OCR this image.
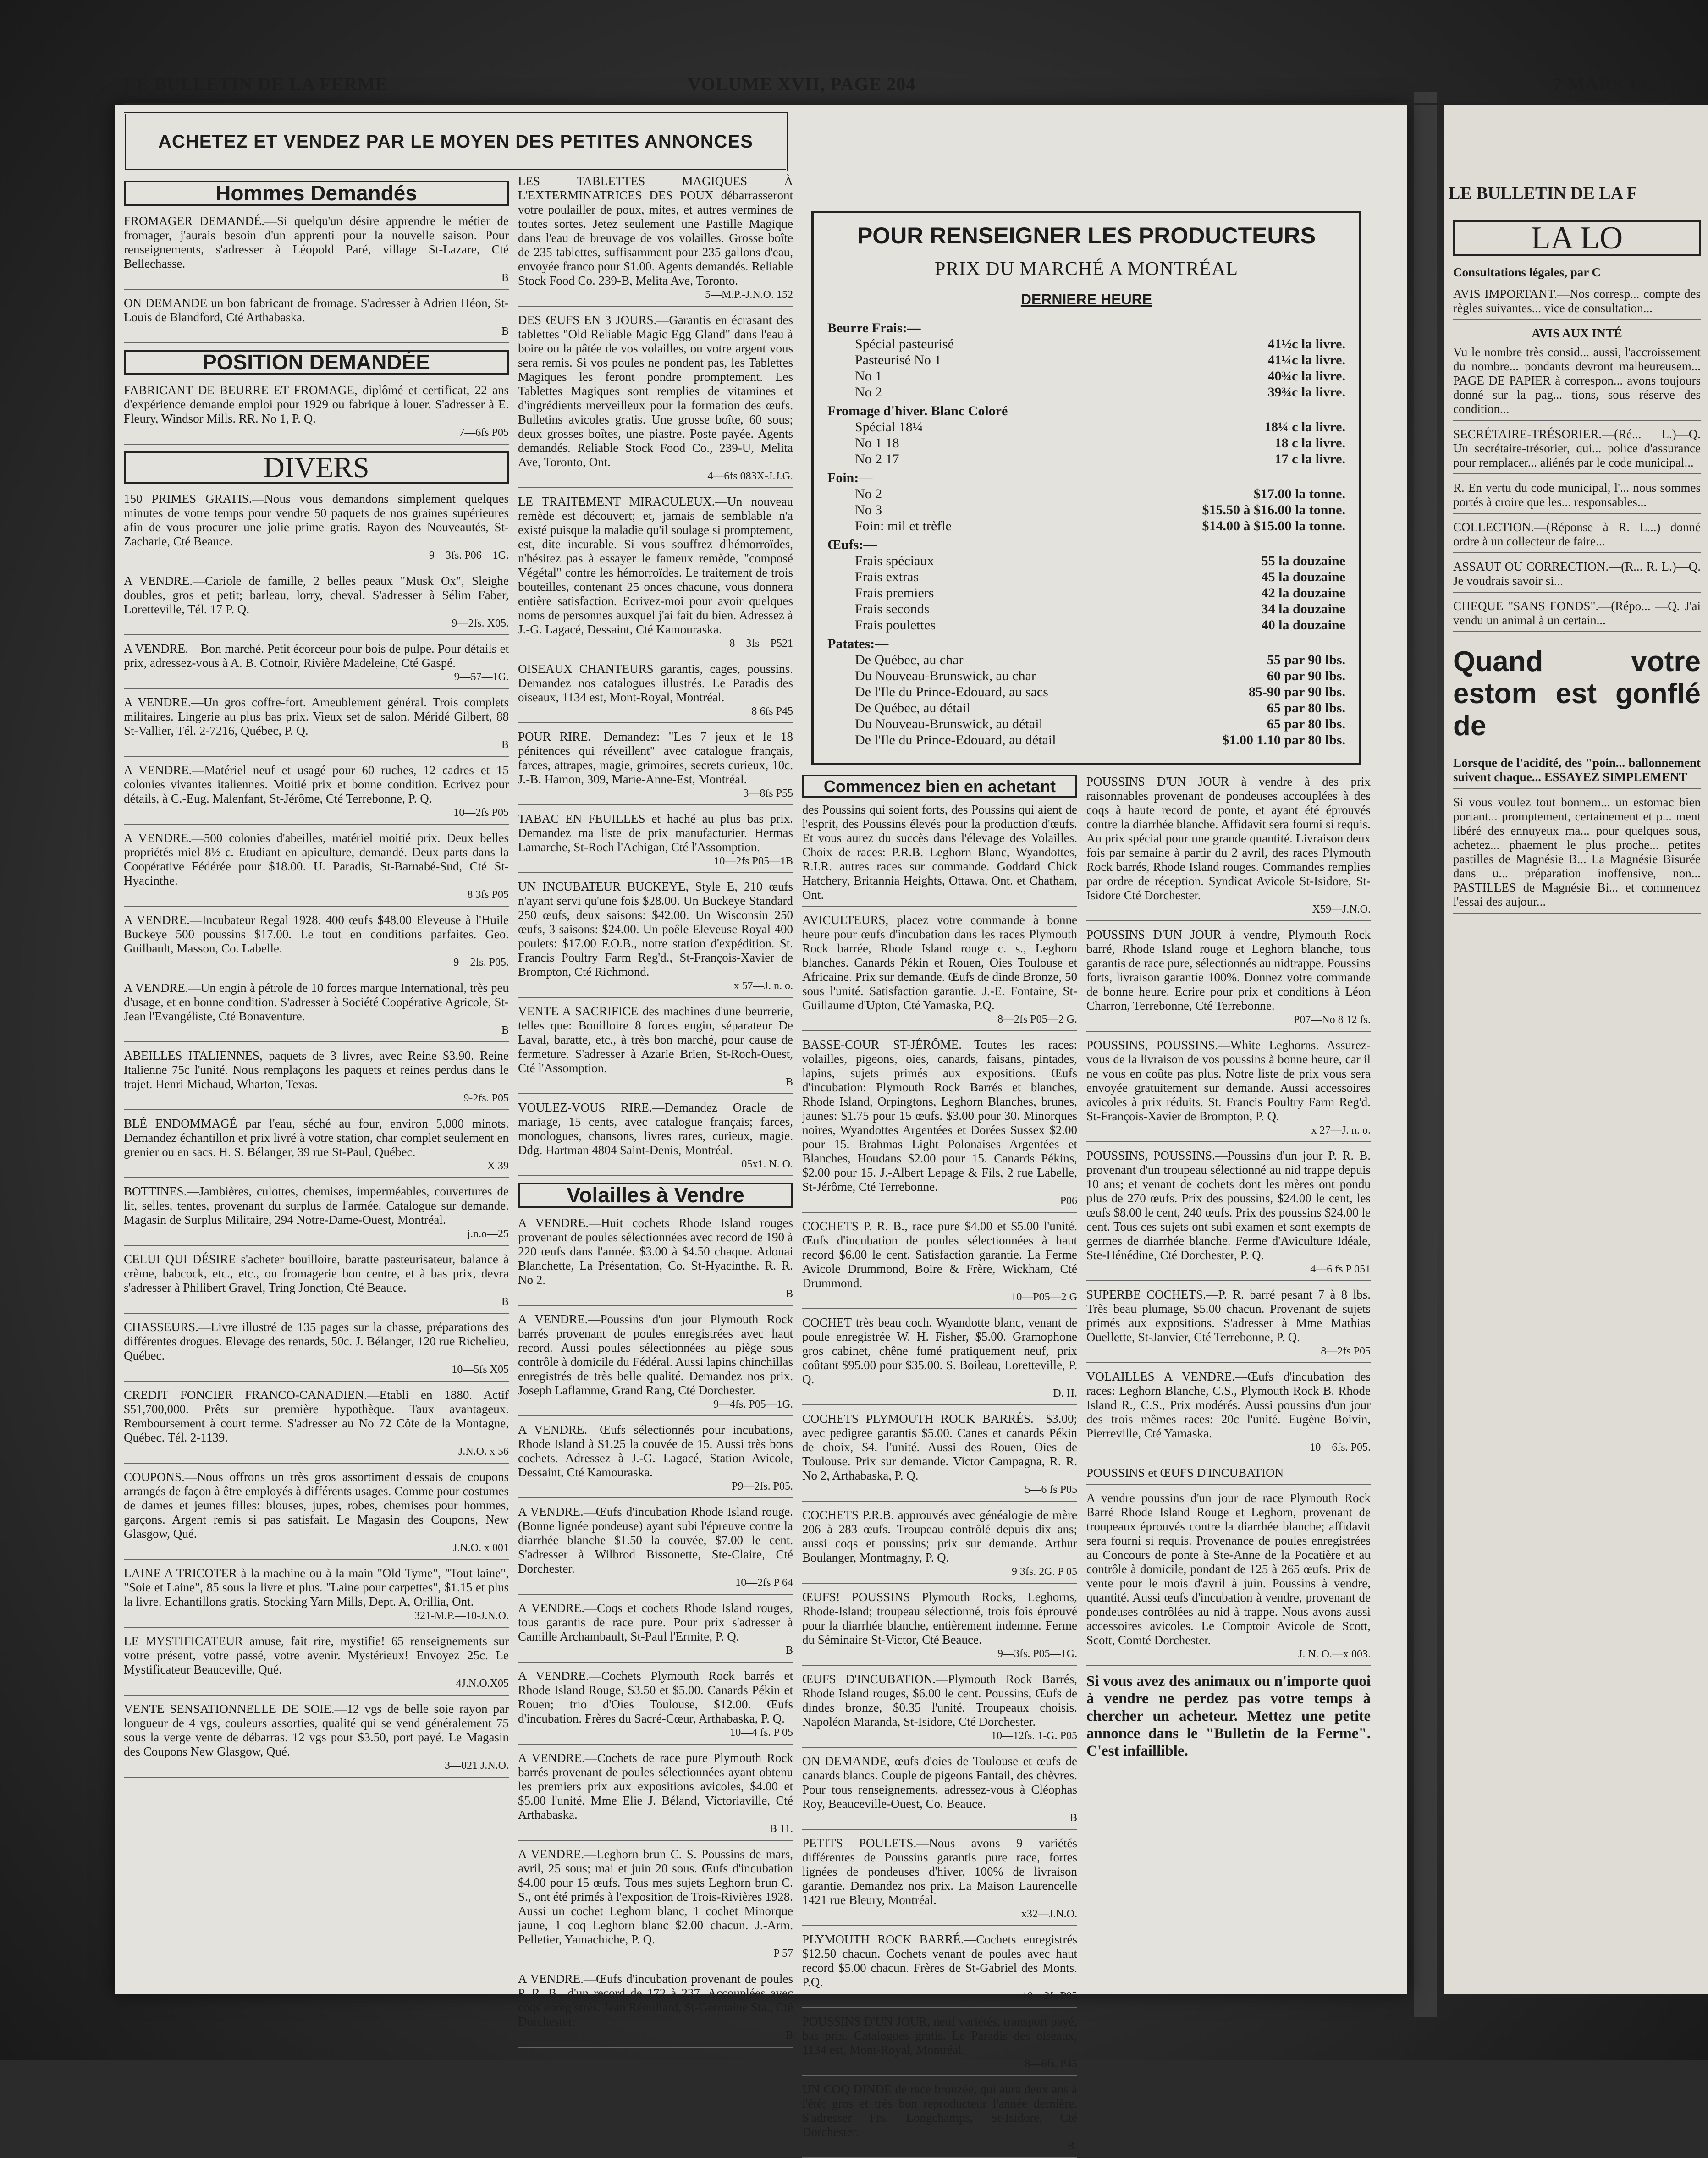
LE BULLETIN DE LA FERME	VOLUME XVII, PAGE 204	7 MARS 1929
ACHETEZ ET VENDEZ PAR LE MOYEN DES PETITES ANNONCES
Hommes Demandés
FROMAGER DEMANDÉ.—Si quelqu'un désire apprendre le métier de fromager, j'aurais besoin d'un apprenti pour la nouvelle saison. Pour renseignements, s'adresser à Léopold Paré, village St-Lazare, Cté Bellechasse.
B
ON DEMANDE un bon fabricant de fromage. S'adresser à Adrien Héon, St-Louis de Blandford, Cté Arthabaska.
B
POSITION DEMANDÉE
FABRICANT DE BEURRE ET FROMAGE, diplômé et certificat, 22 ans d'expérience demande emploi pour 1929 ou fabrique à louer. S'adresser à E. Fleury, Windsor Mills. RR. No 1, P. Q.
7—6fs P05
DIVERS
150 PRIMES GRATIS.—Nous vous demandons simplement quelques minutes de votre temps pour vendre 50 paquets de nos graines supérieures afin de vous procurer une jolie prime gratis. Rayon des Nouveautés, St-Zacharie, Cté Beauce.
9—3fs. P06—1G.
A VENDRE.—Cariole de famille, 2 belles peaux "Musk Ox", Sleighe doubles, gros et petit; barleau, lorry, cheval. S'adresser à Sélim Faber, Loretteville, Tél. 17 P. Q.
9—2fs. X05.
A VENDRE.—Bon marché. Petit écorceur pour bois de pulpe. Pour détails et prix, adressez-vous à A. B. Cotnoir, Rivière Madeleine, Cté Gaspé.
9—57—1G.
A VENDRE.—Un gros coffre-fort. Ameublement général. Trois complets militaires. Lingerie au plus bas prix. Vieux set de salon. Méridé Gilbert, 88 St-Vallier, Tél. 2-7216, Québec, P. Q.
B
A VENDRE.—Matériel neuf et usagé pour 60 ruches, 12 cadres et 15 colonies vivantes italiennes. Moitié prix et bonne condition. Ecrivez pour détails, à C.-Eug. Malenfant, St-Jérôme, Cté Terrebonne, P. Q.
10—2fs P05
A VENDRE.—500 colonies d'abeilles, matériel moitié prix. Deux belles propriétés miel 8½ c. Etudiant en apiculture, demandé. Deux parts dans la Coopérative Fédérée pour $18.00. U. Paradis, St-Barnabé-Sud, Cté St-Hyacinthe.
8 3fs P05
A VENDRE.—Incubateur Regal 1928. 400 œufs $48.00 Eleveuse à l'Huile Buckeye 500 poussins $17.00. Le tout en conditions parfaites. Geo. Guilbault, Masson, Co. Labelle.
9—2fs. P05.
A VENDRE.—Un engin à pétrole de 10 forces marque International, très peu d'usage, et en bonne condition. S'adresser à Société Coopérative Agricole, St-Jean l'Evangéliste, Cté Bonaventure.
B
ABEILLES ITALIENNES, paquets de 3 livres, avec Reine $3.90. Reine Italienne 75c l'unité. Nous remplaçons les paquets et reines perdus dans le trajet. Henri Michaud, Wharton, Texas.
9-2fs. P05
BLÉ ENDOMMAGÉ par l'eau, séché au four, environ 5,000 minots. Demandez échantillon et prix livré à votre station, char complet seulement en grenier ou en sacs. H. S. Bélanger, 39 rue St-Paul, Québec.
X 39
BOTTINES.—Jambières, culottes, chemises, imperméables, couvertures de lit, selles, tentes, provenant du surplus de l'armée. Catalogue sur demande. Magasin de Surplus Militaire, 294 Notre-Dame-Ouest, Montréal.
j.n.o—25
CELUI QUI DÉSIRE s'acheter bouilloire, baratte pasteurisateur, balance à crème, babcock, etc., etc., ou fromagerie bon centre, et à bas prix, devra s'adresser à Philibert Gravel, Tring Jonction, Cté Beauce.
B
CHASSEURS.—Livre illustré de 135 pages sur la chasse, préparations des différentes drogues. Elevage des renards, 50c. J. Bélanger, 120 rue Richelieu, Québec.
10—5fs X05
CREDIT FONCIER FRANCO-CANADIEN.—Etabli en 1880. Actif $51,700,000. Prêts sur première hypothèque. Taux avantageux. Remboursement à court terme. S'adresser au No 72 Côte de la Montagne, Québec. Tél. 2-1139.
J.N.O. x 56
COUPONS.—Nous offrons un très gros assortiment d'essais de coupons arrangés de façon à être employés à différents usages. Comme pour costumes de dames et jeunes filles: blouses, jupes, robes, chemises pour hommes, garçons. Argent remis si pas satisfait. Le Magasin des Coupons, New Glasgow, Qué.
J.N.O. x 001
LAINE A TRICOTER à la machine ou à la main "Old Tyme", "Tout laine", "Soie et Laine", 85 sous la livre et plus. "Laine pour carpettes", $1.15 et plus la livre. Echantillons gratis. Stocking Yarn Mills, Dept. A, Orillia, Ont.
321-M.P.—10-J.N.O.
LE MYSTIFICATEUR amuse, fait rire, mystifie! 65 renseignements sur votre présent, votre passé, votre avenir. Mystérieux! Envoyez 25c. Le Mystificateur Beauceville, Qué.
4J.N.O.X05
VENTE SENSATIONNELLE DE SOIE.—12 vgs de belle soie rayon par longueur de 4 vgs, couleurs assorties, qualité qui se vend généralement 75 sous la verge vente de débarras. 12 vgs pour $3.50, port payé. Le Magasin des Coupons New Glasgow, Qué.
3—021 J.N.O.
LES TABLETTES MAGIQUES À L'EXTERMINATRICES DES POUX débarrasseront votre poulailler de poux, mites, et autres vermines de toutes sortes. Jetez seulement une Pastille Magique dans l'eau de breuvage de vos volailles. Grosse boîte de 235 tablettes, suffisamment pour 235 gallons d'eau, envoyée franco pour $1.00. Agents demandés. Reliable Stock Food Co. 239-B, Melita Ave, Toronto.
5—M.P.-J.N.O. 152
DES ŒUFS EN 3 JOURS.—Garantis en écrasant des tablettes "Old Reliable Magic Egg Gland" dans l'eau à boire ou la pâtée de vos volailles, ou votre argent vous sera remis. Si vos poules ne pondent pas, les Tablettes Magiques les feront pondre promptement. Les Tablettes Magiques sont remplies de vitamines et d'ingrédients merveilleux pour la formation des œufs. Bulletins avicoles gratis. Une grosse boîte, 60 sous; deux grosses boîtes, une piastre. Poste payée. Agents demandés. Reliable Stock Food Co., 239-U, Melita Ave, Toronto, Ont.
4—6fs 083X-J.J.G.
LE TRAITEMENT MIRACULEUX.—Un nouveau remède est découvert; et, jamais de semblable n'a existé puisque la maladie qu'il soulage si promptement, est, dite incurable. Si vous souffrez d'hémorroïdes, n'hésitez pas à essayer le fameux remède, "composé Végétal" contre les hémorroïdes. Le traitement de trois bouteilles, contenant 25 onces chacune, vous donnera entière satisfaction. Ecrivez-moi pour avoir quelques noms de personnes auxquel j'ai fait du bien. Adressez à J.-G. Lagacé, Dessaint, Cté Kamouraska.
8—3fs—P521
OISEAUX CHANTEURS garantis, cages, poussins. Demandez nos catalogues illustrés. Le Paradis des oiseaux, 1134 est, Mont-Royal, Montréal.
8 6fs P45
POUR RIRE.—Demandez: "Les 7 jeux et le 18 pénitences qui réveillent" avec catalogue français, farces, attrapes, magie, grimoires, secrets curieux, 10c. J.-B. Hamon, 309, Marie-Anne-Est, Montréal.
3—8fs P55
TABAC EN FEUILLES et haché au plus bas prix. Demandez ma liste de prix manufacturier. Hermas Lamarche, St-Roch l'Achigan, Cté l'Assomption.
10—2fs P05—1B
UN INCUBATEUR BUCKEYE, Style E, 210 œufs n'ayant servi qu'une fois $28.00. Un Buckeye Standard 250 œufs, deux saisons: $42.00. Un Wisconsin 250 œufs, 3 saisons: $24.00. Un poêle Eleveuse Royal 400 poulets: $17.00 F.O.B., notre station d'expédition. St. Francis Poultry Farm Reg'd., St-François-Xavier de Brompton, Cté Richmond.
x 57—J. n. o.
VENTE A SACRIFICE des machines d'une beurrerie, telles que: Bouilloire 8 forces engin, séparateur De Laval, baratte, etc., à très bon marché, pour cause de fermeture. S'adresser à Azarie Brien, St-Roch-Ouest, Cté l'Assomption.
B
VOULEZ-VOUS RIRE.—Demandez Oracle de mariage, 15 cents, avec catalogue français; farces, monologues, chansons, livres rares, curieux, magie. Ddg. Hartman 4804 Saint-Denis, Montréal.
05x1. N. O.
Volailles à Vendre
A VENDRE.—Huit cochets Rhode Island rouges provenant de poules sélectionnées avec record de 190 à 220 œufs dans l'année. $3.00 à $4.50 chaque. Adonai Blanchette, La Présentation, Co. St-Hyacinthe. R. R. No 2.
B
A VENDRE.—Poussins d'un jour Plymouth Rock barrés provenant de poules enregistrées avec haut record. Aussi poules sélectionnées au piège sous contrôle à domicile du Fédéral. Aussi lapins chinchillas enregistrés de très belle qualité. Demandez nos prix. Joseph Laflamme, Grand Rang, Cté Dorchester.
9—4fs. P05—1G.
A VENDRE.—Œufs sélectionnés pour incubations, Rhode Island à $1.25 la couvée de 15. Aussi très bons cochets. Adressez à J.-G. Lagacé, Station Avicole, Dessaint, Cté Kamouraska.
P9—2fs. P05.
A VENDRE.—Œufs d'incubation Rhode Island rouge. (Bonne lignée pondeuse) ayant subi l'épreuve contre la diarrhée blanche $1.50 la couvée, $7.00 le cent. S'adresser à Wilbrod Bissonette, Ste-Claire, Cté Dorchester.
10—2fs P 64
A VENDRE.—Coqs et cochets Rhode Island rouges, tous garantis de race pure. Pour prix s'adresser à Camille Archambault, St-Paul l'Ermite, P. Q.
B
A VENDRE.—Cochets Plymouth Rock barrés et Rhode Island Rouge, $3.50 et $5.00. Canards Pékin et Rouen; trio d'Oies Toulouse, $12.00. Œufs d'incubation. Frères du Sacré-Cœur, Arthabaska, P. Q.
10—4 fs. P 05
A VENDRE.—Cochets de race pure Plymouth Rock barrés provenant de poules sélectionnées ayant obtenu les premiers prix aux expositions avicoles, $4.00 et $5.00 l'unité. Mme Elie J. Béland, Victoriaville, Cté Arthabaska.
B 11.
A VENDRE.—Leghorn brun C. S. Poussins de mars, avril, 25 sous; mai et juin 20 sous. Œufs d'incubation $4.00 pour 15 œufs. Tous mes sujets Leghorn brun C. S., ont été primés à l'exposition de Trois-Rivières 1928. Aussi un cochet Leghorn blanc, 1 cochet Minorque jaune, 1 coq Leghorn blanc $2.00 chacun. J.-Arm. Pelletier, Yamachiche, P. Q.
P 57
A VENDRE.—Œufs d'incubation provenant de poules P. R. B., d'un record de 172 à 237. Accouplées avec coqs enregistrés. Jean Rémillard, St-Germaine Sta., Cté Dorchester.
B
POUR RENSEIGNER LES PRODUCTEURS
PRIX DU MARCHÉ A MONTRÉAL
DERNIERE HEURE
Beurre Frais:—
Spécial pasteurisé	41½c la livre.
Pasteurisé No 1	41¼c la livre.
No 1	40¾c la livre.
No 2	39¾c la livre.
Fromage d'hiver. Blanc Coloré
Spécial 18¼	18¼ c la livre.
No 1 18	18 c la livre.
No 2 17	17 c la livre.
Foin:—
No 2	$17.00 la tonne.
No 3	$15.50 à $16.00 la tonne.
Foin: mil et trèfle	$14.00 à $15.00 la tonne.
Œufs:—
Frais spéciaux	55 la douzaine
Frais extras	45 la douzaine
Frais premiers	42 la douzaine
Frais seconds	34 la douzaine
Frais poulettes	40 la douzaine
Patates:—
De Québec, au char	55 par 90 lbs.
Du Nouveau-Brunswick, au char	60 par 90 lbs.
De l'Ile du Prince-Edouard, au sacs	85-90 par 90 lbs.
De Québec, au détail	65 par 80 lbs.
Du Nouveau-Brunswick, au détail	65 par 80 lbs.
De l'Ile du Prince-Edouard, au détail	$1.00 1.10 par 80 lbs.
Commencez bien en achetant
des Poussins qui soient forts, des Poussins qui aient de l'esprit, des Poussins élevés pour la production d'œufs. Et vous aurez du succès dans l'élevage des Volailles. Choix de races: P.R.B. Leghorn Blanc, Wyandottes, R.I.R. autres races sur commande. Goddard Chick Hatchery, Britannia Heights, Ottawa, Ont. et Chatham, Ont.
AVICULTEURS, placez votre commande à bonne heure pour œufs d'incubation dans les races Plymouth Rock barrée, Rhode Island rouge c. s., Leghorn blanches. Canards Pékin et Rouen, Oies Toulouse et Africaine. Prix sur demande. Œufs de dinde Bronze, 50 sous l'unité. Satisfaction garantie. J.-E. Fontaine, St-Guillaume d'Upton, Cté Yamaska, P.Q.
8—2fs P05—2 G.
BASSE-COUR ST-JÉRÔME.—Toutes les races: volailles, pigeons, oies, canards, faisans, pintades, lapins, sujets primés aux expositions. Œufs d'incubation: Plymouth Rock Barrés et blanches, Rhode Island, Orpingtons, Leghorn Blanches, brunes, jaunes: $1.75 pour 15 œufs. $3.00 pour 30. Minorques noires, Wyandottes Argentées et Dorées Sussex $2.00 pour 15. Brahmas Light Polonaises Argentées et Blanches, Houdans $2.00 pour 15. Canards Pékins, $2.00 pour 15. J.-Albert Lepage & Fils, 2 rue Labelle, St-Jérôme, Cté Terrebonne.
P06
COCHETS P. R. B., race pure $4.00 et $5.00 l'unité. Œufs d'incubation de poules sélectionnées à haut record $6.00 le cent. Satisfaction garantie. La Ferme Avicole Drummond, Boire & Frère, Wickham, Cté Drummond.
10—P05—2 G
COCHET très beau coch. Wyandotte blanc, venant de poule enregistrée W. H. Fisher, $5.00. Gramophone gros cabinet, chêne fumé pratiquement neuf, prix coûtant $95.00 pour $35.00. S. Boileau, Loretteville, P. Q.
D. H.
COCHETS PLYMOUTH ROCK BARRÉS.—$3.00; avec pedigree garantis $5.00. Canes et canards Pékin de choix, $4. l'unité. Aussi des Rouen, Oies de Toulouse. Prix sur demande. Victor Campagna, R. R. No 2, Arthabaska, P. Q.
5—6 fs P05
COCHETS P.R.B. approuvés avec généalogie de mère 206 à 283 œufs. Troupeau contrôlé depuis dix ans; aussi coqs et poussins; prix sur demande. Arthur Boulanger, Montmagny, P. Q.
9 3fs. 2G. P 05
ŒUFS! POUSSINS Plymouth Rocks, Leghorns, Rhode-Island; troupeau sélectionné, trois fois éprouvé pour la diarrhée blanche, entièrement indemne. Ferme du Séminaire St-Victor, Cté Beauce.
9—3fs. P05—1G.
ŒUFS D'INCUBATION.—Plymouth Rock Barrés, Rhode Island rouges, $6.00 le cent. Poussins, Œufs de dindes bronze, $0.35 l'unité. Troupeaux choisis. Napoléon Maranda, St-Isidore, Cté Dorchester.
10—12fs. 1-G. P05
ON DEMANDE, œufs d'oies de Toulouse et œufs de canards blancs. Couple de pigeons Fantail, des chèvres. Pour tous renseignements, adressez-vous à Cléophas Roy, Beauceville-Ouest, Co. Beauce.
B
PETITS POULETS.—Nous avons 9 variétés différentes de Poussins garantis pure race, fortes lignées de pondeuses d'hiver, 100% de livraison garantie. Demandez nos prix. La Maison Laurencelle 1421 rue Bleury, Montréal.
x32—J.N.O.
PLYMOUTH ROCK BARRÉ.—Cochets enregistrés $12.50 chacun. Cochets venant de poules avec haut record $5.00 chacun. Frères de St-Gabriel des Monts. P.Q.
10—2fs P05
POUSSINS D'UN JOUR, neuf variétés, transport payé, bas prix. Catalogues gratis. Le Paradis des oiseaux, 1134 est, Mont-Royal, Montréal.
8—6fs. P45
UN COQ DINDE de race bronzée, qui aura deux ans à l'été; gros et très bon reproducteur l'année dernière. S'adresser Frs. Longchamps, St-Isidore, Cté Dorchester.
B.
POUSSINS D'UN JOUR à vendre à des prix raisonnables provenant de pondeuses accouplées à des coqs à haute record de ponte, et ayant été éprouvés contre la diarrhée blanche. Affidavit sera fourni si requis. Au prix spécial pour une grande quantité. Livraison deux fois par semaine à partir du 2 avril, des races Plymouth Rock barrés, Rhode Island rouges. Commandes remplies par ordre de réception. Syndicat Avicole St-Isidore, St-Isidore Cté Dorchester.
X59—J.N.O.
POUSSINS D'UN JOUR à vendre, Plymouth Rock barré, Rhode Island rouge et Leghorn blanche, tous garantis de race pure, sélectionnés au nidtrappe. Poussins forts, livraison garantie 100%. Donnez votre commande de bonne heure. Ecrire pour prix et conditions à Léon Charron, Terrebonne, Cté Terrebonne.
P07—No 8 12 fs.
POUSSINS, POUSSINS.—White Leghorns. Assurez-vous de la livraison de vos poussins à bonne heure, car il ne vous en coûte pas plus. Notre liste de prix vous sera envoyée gratuitement sur demande. Aussi accessoires avicoles à prix réduits. St. Francis Poultry Farm Reg'd. St-François-Xavier de Brompton, P. Q.
x 27—J. n. o.
POUSSINS, POUSSINS.—Poussins d'un jour P. R. B. provenant d'un troupeau sélectionné au nid trappe depuis 10 ans; et venant de cochets dont les mères ont pondu plus de 270 œufs. Prix des poussins, $24.00 le cent, les œufs $8.00 le cent, 240 œufs. Prix des poussins $24.00 le cent. Tous ces sujets ont subi examen et sont exempts de germes de diarrhée blanche. Ferme d'Aviculture Idéale, Ste-Hénédine, Cté Dorchester, P. Q.
4—6 fs P 051
SUPERBE COCHETS.—P. R. barré pesant 7 à 8 lbs. Très beau plumage, $5.00 chacun. Provenant de sujets primés aux expositions. S'adresser à Mme Mathias Ouellette, St-Janvier, Cté Terrebonne, P. Q.
8—2fs P05
VOLAILLES A VENDRE.—Œufs d'incubation des races: Leghorn Blanche, C.S., Plymouth Rock B. Rhode Island R., C.S., Prix modérés. Aussi poussins d'un jour des trois mêmes races: 20c l'unité. Eugène Boivin, Pierreville, Cté Yamaska.
10—6fs. P05.
POUSSINS et ŒUFS D'INCUBATION
A vendre poussins d'un jour de race Plymouth Rock Barré Rhode Island Rouge et Leghorn, provenant de troupeaux éprouvés contre la diarrhée blanche; affidavit sera fourni si requis. Provenance de poules enregistrées au Concours de ponte à Ste-Anne de la Pocatière et au contrôle à domicile, pondant de 125 à 265 œufs. Prix de vente pour le mois d'avril à juin. Poussins à vendre, quantité. Aussi œufs d'incubation à vendre, provenant de pondeuses contrôlées au nid à trappe. Nous avons aussi accessoires avicoles. Le Comptoir Avicole de Scott, Scott, Comté Dorchester.
J. N. O.—x 003.
Si vous avez des animaux ou n'importe quoi à vendre ne perdez pas votre temps à chercher un acheteur. Mettez une petite annonce dans le "Bulletin de la Ferme". C'est infaillible.
LE BULLETIN DE LA F
LA LO
Consultations légales, par C
AVIS IMPORTANT.—Nos corresp... compte des règles suivantes... vice de consultation...
AVIS AUX INTÉ
Vu le nombre très consid... aussi, l'accroissement du nombre... pondants devront malheureusem... PAGE DE PAPIER à correspon... avons toujours donné sur la pag... tions, sous réserve des condition...
SECRÉTAIRE-TRÉSORIER.—(Ré... L.)—Q. Un secrétaire-trésorier, qui... police d'assurance pour remplacer... aliénés par le code municipal...
R. En vertu du code municipal, l'... nous sommes portés à croire que les... responsables...
COLLECTION.—(Réponse à R. L...) donné ordre à un collecteur de faire...
ASSAUT OU CORRECTION.—(R... R. L.)—Q. Je voudrais savoir si...
CHEQUE "SANS FONDS".—(Répo... —Q. J'ai vendu un animal à un certain...
Quand votre estom est gonflé de
Lorsque de l'acidité, des "poin... ballonnement suivent chaque... ESSAYEZ SIMPLEMENT
Si vous voulez tout bonnem... un estomac bien portant... promptement, certainement et p... ment libéré des ennuyeux ma... pour quelques sous, achetez... phaement le plus proche... petites pastilles de Magnésie B... La Magnésie Bisurée dans u... préparation inoffensive, non... PASTILLES de Magnésie Bi... et commencez l'essai des aujour...
